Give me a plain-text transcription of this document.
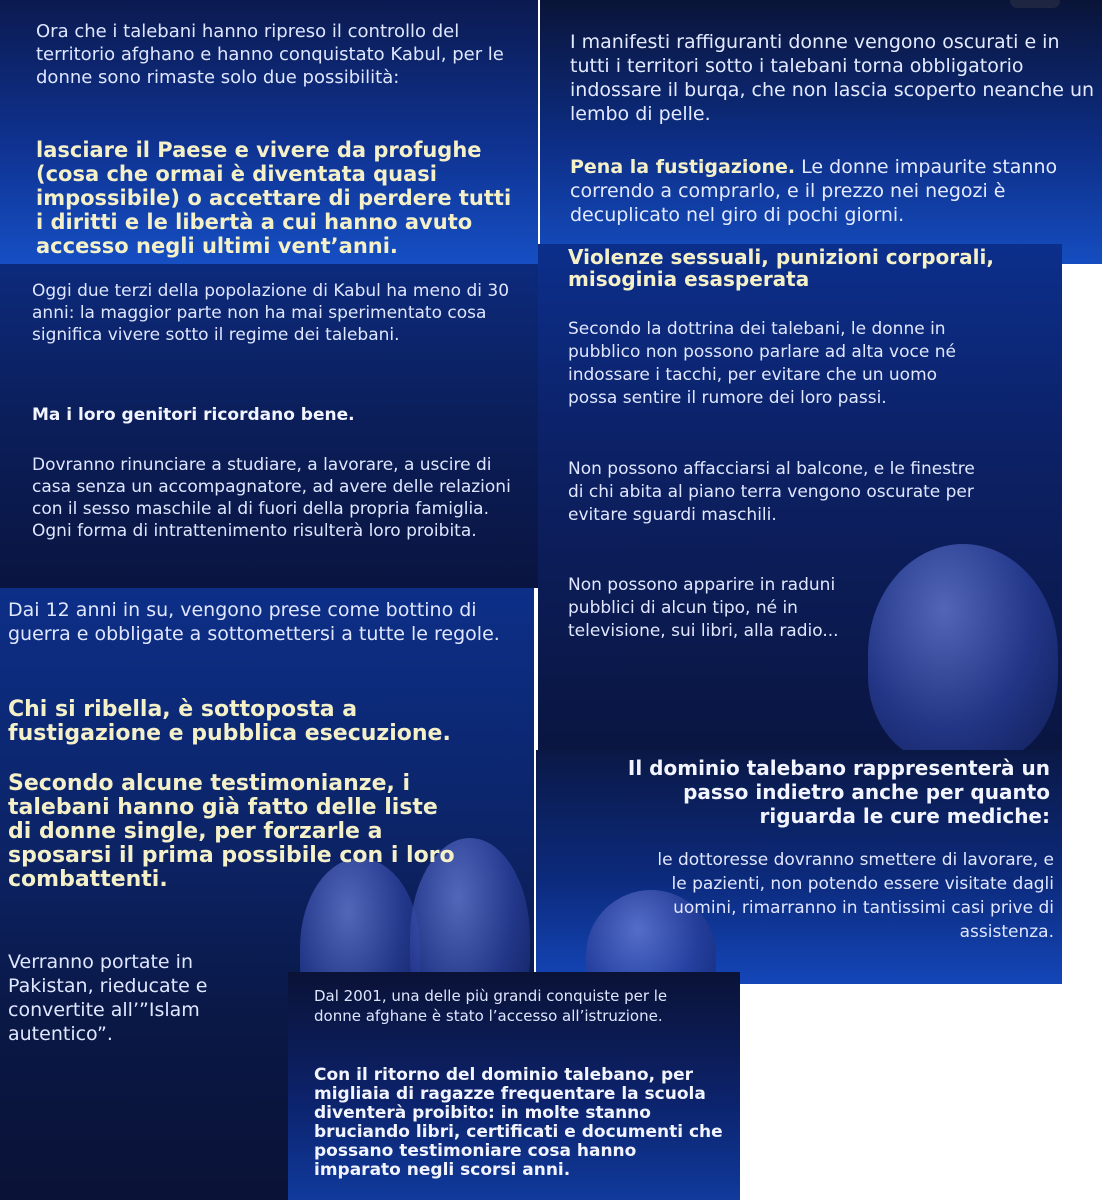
Ora che i talebani hanno ripreso il controllo del territorio afghano e hanno conquistato Kabul, per le donne sono rimaste solo due possibilità:

lasciare il Paese e vivere da profughe (cosa che ormai è diventata quasi impossibile) o accettare di perdere tutti i diritti e le libertà a cui hanno avuto accesso negli ultimi vent’anni.

I manifesti raffiguranti donne vengono oscurati e in tutti i territori sotto i talebani torna obbligatorio indossare il burqa, che non lascia scoperto neanche un lembo di pelle.

Pena la fustigazione. Le donne impaurite stanno correndo a comprarlo, e il prezzo nei negozi è decuplicato nel giro di pochi giorni.

Oggi due terzi della popolazione di Kabul ha meno di 30 anni: la maggior parte non ha mai sperimentato cosa significa vivere sotto il regime dei talebani.

Ma i loro genitori ricordano bene.

Dovranno rinunciare a studiare, a lavorare, a uscire di casa senza un accompagnatore, ad avere delle relazioni con il sesso maschile al di fuori della propria famiglia. Ogni forma di intrattenimento risulterà loro proibita.

Violenze sessuali, punizioni corporali, misoginia esasperata

Secondo la dottrina dei talebani, le donne in pubblico non possono parlare ad alta voce né indossare i tacchi, per evitare che un uomo possa sentire il rumore dei loro passi.

Non possono affacciarsi al balcone, e le finestre di chi abita al piano terra vengono oscurate per evitare sguardi maschili.

Non possono apparire in raduni pubblici di alcun tipo, né in televisione, sui libri, alla radio...

Dai 12 anni in su, vengono prese come bottino di guerra e obbligate a sottomettersi a tutte le regole.

Chi si ribella, è sottoposta a fustigazione e pubblica esecuzione.

Secondo alcune testimonianze, i talebani hanno già fatto delle liste di donne single, per forzarle a sposarsi il prima possibile con i loro combattenti.

Verranno portate in Pakistan, rieducate e convertite all’”Islam autentico”.

Il dominio talebano rappresenterà un passo indietro anche per quanto riguarda le cure mediche:

le dottoresse dovranno smettere di lavorare, e le pazienti, non potendo essere visitate dagli uomini, rimarranno in tantissimi casi prive di assistenza.

Dal 2001, una delle più grandi conquiste per le donne afghane è stato l’accesso all’istruzione.

Con il ritorno del dominio talebano, per migliaia di ragazze frequentare la scuola diventerà proibito: in molte stanno bruciando libri, certificati e documenti che possano testimoniare cosa hanno imparato negli scorsi anni.
